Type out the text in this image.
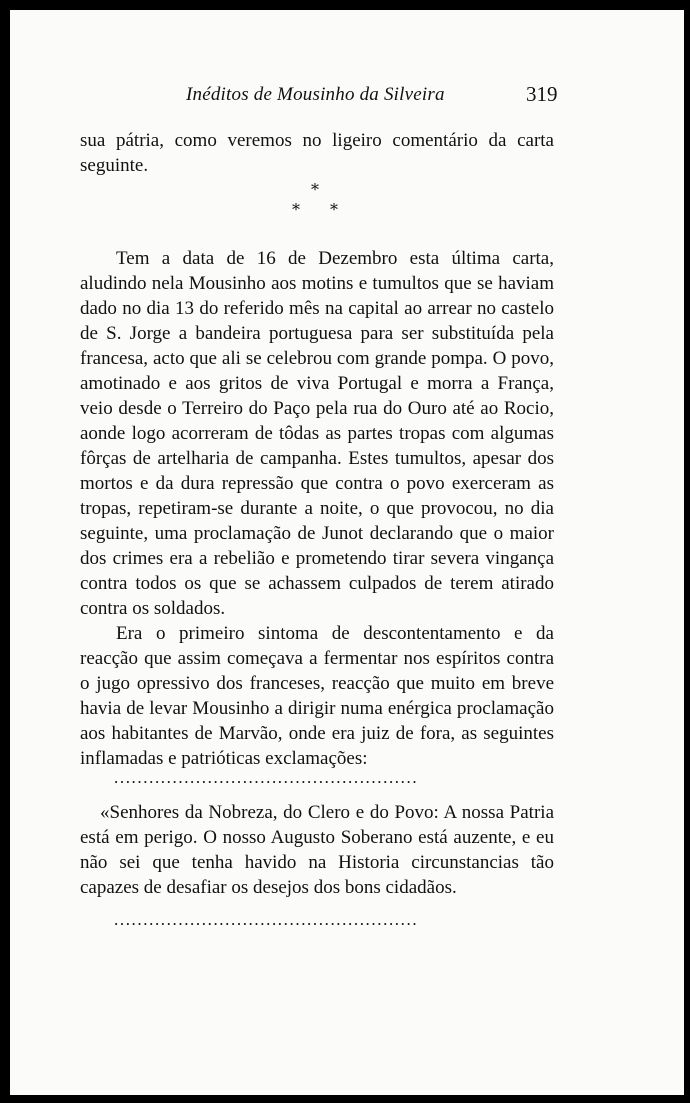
Inéditos de Mousinho da Silveira	319

sua pátria, como veremos no ligeiro comentário da carta seguinte.

*
* *

Tem a data de 16 de Dezembro esta última carta, aludindo nela Mousinho aos motins e tumultos que se haviam dado no dia 13 do referido mês na capital ao arrear no castelo de S. Jorge a bandeira portuguesa para ser substituída pela francesa, acto que ali se celebrou com grande pompa. O povo, amotinado e aos gritos de viva Portugal e morra a França, veio desde o Terreiro do Paço pela rua do Ouro até ao Rocio, aonde logo acorreram de tôdas as partes tropas com algumas fôrças de artelharia de campanha. Estes tumultos, apesar dos mortos e da dura repressão que contra o povo exerceram as tropas, repetiram-se durante a noite, o que provocou, no dia seguinte, uma proclamação de Junot declarando que o maior dos crimes era a rebelião e prometendo tirar severa vingança contra todos os que se achassem culpados de terem atirado contra os soldados.

Era o primeiro sintoma de descontentamento e da reacção que assim começava a fermentar nos espíritos contra o jugo opressivo dos franceses, reacção que muito em breve havia de levar Mousinho a dirigir numa enérgica proclamação aos habitantes de Marvão, onde era juiz de fora, as seguintes inflamadas e patrióticas exclamações:

....................................................

«Senhores da Nobreza, do Clero e do Povo: A nossa Patria está em perigo. O nosso Augusto Soberano está auzente, e eu não sei que tenha havido na Historia circunstancias tão capazes de desafiar os desejos dos bons cidadãos.

....................................................
